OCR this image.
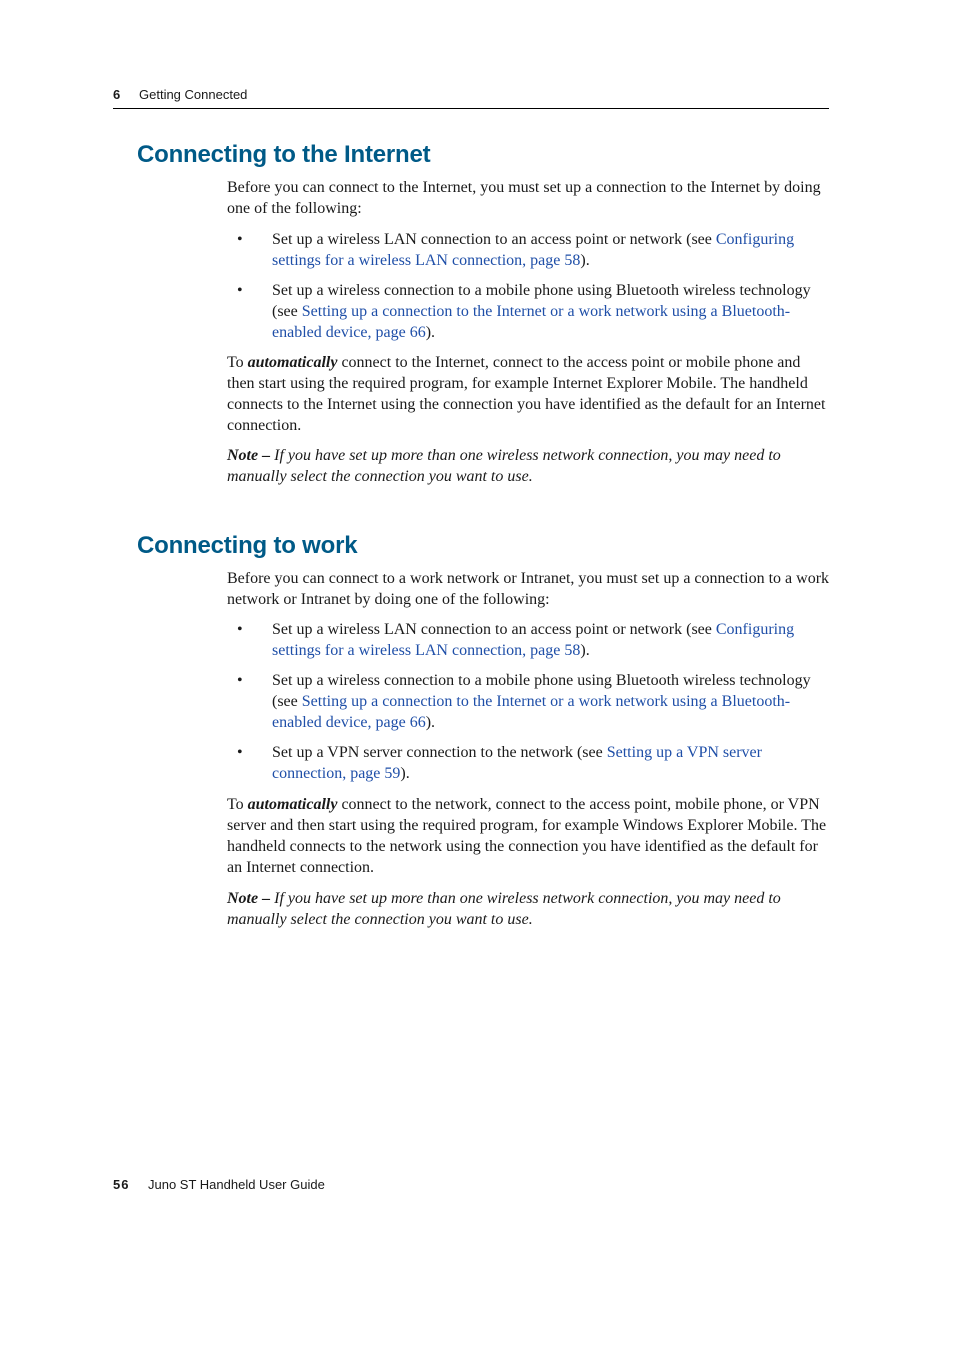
6 Getting Connected
Connecting to the Internet

Before you can connect to the Internet, you must set up a connection to the Internet by doing one of the following:

• Set up a wireless LAN connection to an access point or network (see Configuring settings for a wireless LAN connection, page 58).
• Set up a wireless connection to a mobile phone using Bluetooth wireless technology (see Setting up a connection to the Internet or a work network using a Bluetooth-enabled device, page 66).

To automatically connect to the Internet, connect to the access point or mobile phone and then start using the required program, for example Internet Explorer Mobile. The handheld connects to the Internet using the connection you have identified as the default for an Internet connection.

Note – If you have set up more than one wireless network connection, you may need to manually select the connection you want to use.

Connecting to work

Before you can connect to a work network or Intranet, you must set up a connection to a work network or Intranet by doing one of the following:

• Set up a wireless LAN connection to an access point or network (see Configuring settings for a wireless LAN connection, page 58).
• Set up a wireless connection to a mobile phone using Bluetooth wireless technology (see Setting up a connection to the Internet or a work network using a Bluetooth-enabled device, page 66).
• Set up a VPN server connection to the network (see Setting up a VPN server connection, page 59).

To automatically connect to the network, connect to the access point, mobile phone, or VPN server and then start using the required program, for example Windows Explorer Mobile. The handheld connects to the network using the connection you have identified as the default for an Internet connection.

Note – If you have set up more than one wireless network connection, you may need to manually select the connection you want to use.

56 Juno ST Handheld User Guide
